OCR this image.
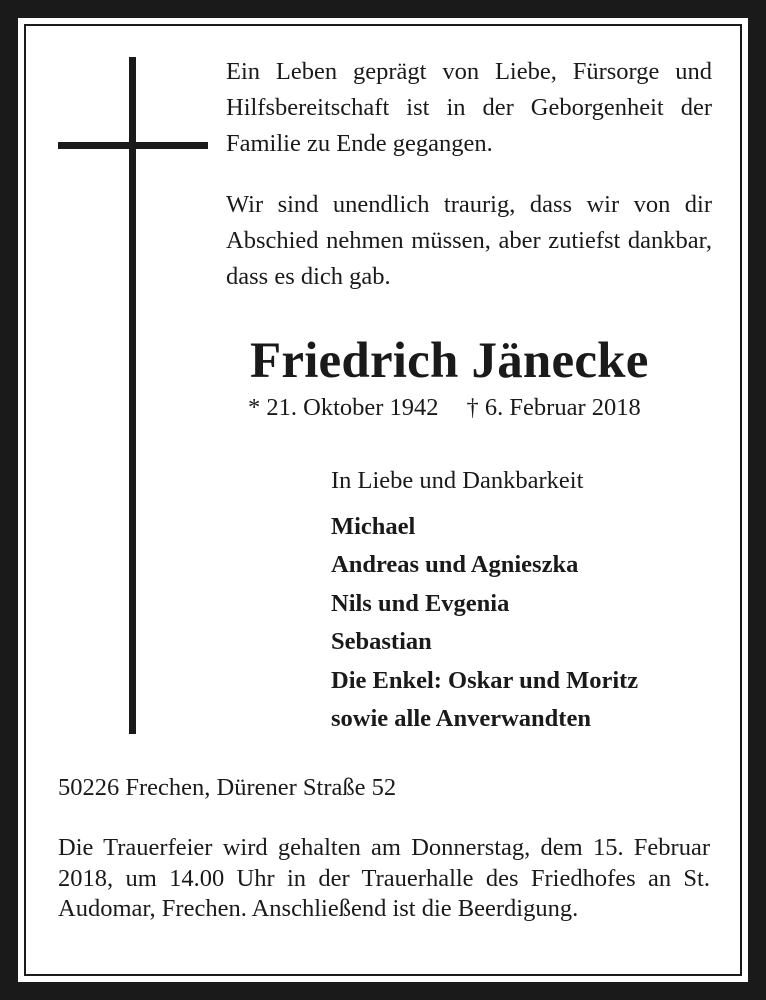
Ein Leben geprägt von Liebe, Fürsorge und Hilfsbereitschaft ist in der Geborgenheit der Familie zu Ende gegangen.

Wir sind unendlich traurig, dass wir von dir Abschied nehmen müssen, aber zutiefst dankbar, dass es dich gab.

Friedrich Jänecke
* 21. Oktober 1942 † 6. Februar 2018
In Liebe und Dankbarkeit
Michael
Andreas und Agnieszka
Nils und Evgenia
Sebastian
Die Enkel: Oskar und Moritz
sowie alle Anverwandten
50226 Frechen, Dürener Straße 52

Die Trauerfeier wird gehalten am Donnerstag, dem 15. Februar 2018, um 14.00 Uhr in der Trauerhalle des Friedhofes an St. Audomar, Frechen. Anschließend ist die Beerdigung.
